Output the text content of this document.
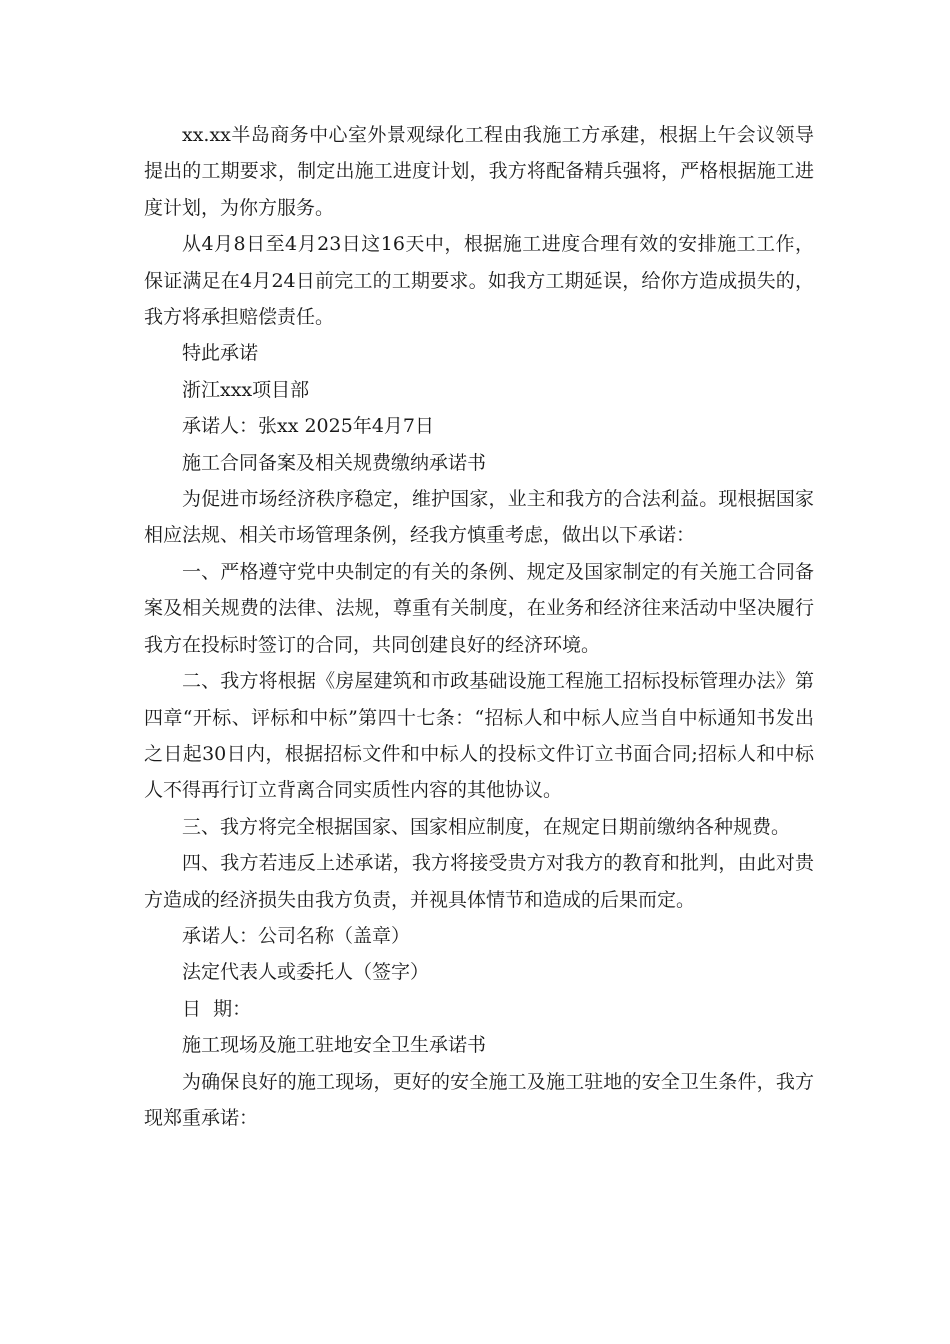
xx.xx半岛商务中心室外景观绿化工程由我施工方承建，根据上午会议领导提出的工期要求，制定出施工进度计划，我方将配备精兵强将，严格根据施工进度计划，为你方服务。

从4月8日至4月23日这16天中，根据施工进度合理有效的安排施工工作，保证满足在4月24日前完工的工期要求。如我方工期延误，给你方造成损失的，我方将承担赔偿责任。

特此承诺

浙江xxx项目部

承诺人：张xx 2025年4月7日

施工合同备案及相关规费缴纳承诺书

为促进市场经济秩序稳定，维护国家，业主和我方的合法利益。现根据国家相应法规、相关市场管理条例，经我方慎重考虑，做出以下承诺：

一、严格遵守党中央制定的有关的条例、规定及国家制定的有关施工合同备案及相关规费的法律、法规，尊重有关制度，在业务和经济往来活动中坚决履行我方在投标时签订的合同，共同创建良好的经济环境。

二、我方将根据《房屋建筑和市政基础设施工程施工招标投标管理办法》第四章“开标、评标和中标”第四十七条：“招标人和中标人应当自中标通知书发出之日起30日内，根据招标文件和中标人的投标文件订立书面合同;招标人和中标人不得再行订立背离合同实质性内容的其他协议。

三、我方将完全根据国家、国家相应制度，在规定日期前缴纳各种规费。

四、我方若违反上述承诺，我方将接受贵方对我方的教育和批判，由此对贵方造成的经济损失由我方负责，并视具体情节和造成的后果而定。

承诺人：公司名称（盖章）

法定代表人或委托人（签字）

日  期：

施工现场及施工驻地安全卫生承诺书

为确保良好的施工现场，更好的安全施工及施工驻地的安全卫生条件，我方现郑重承诺：
